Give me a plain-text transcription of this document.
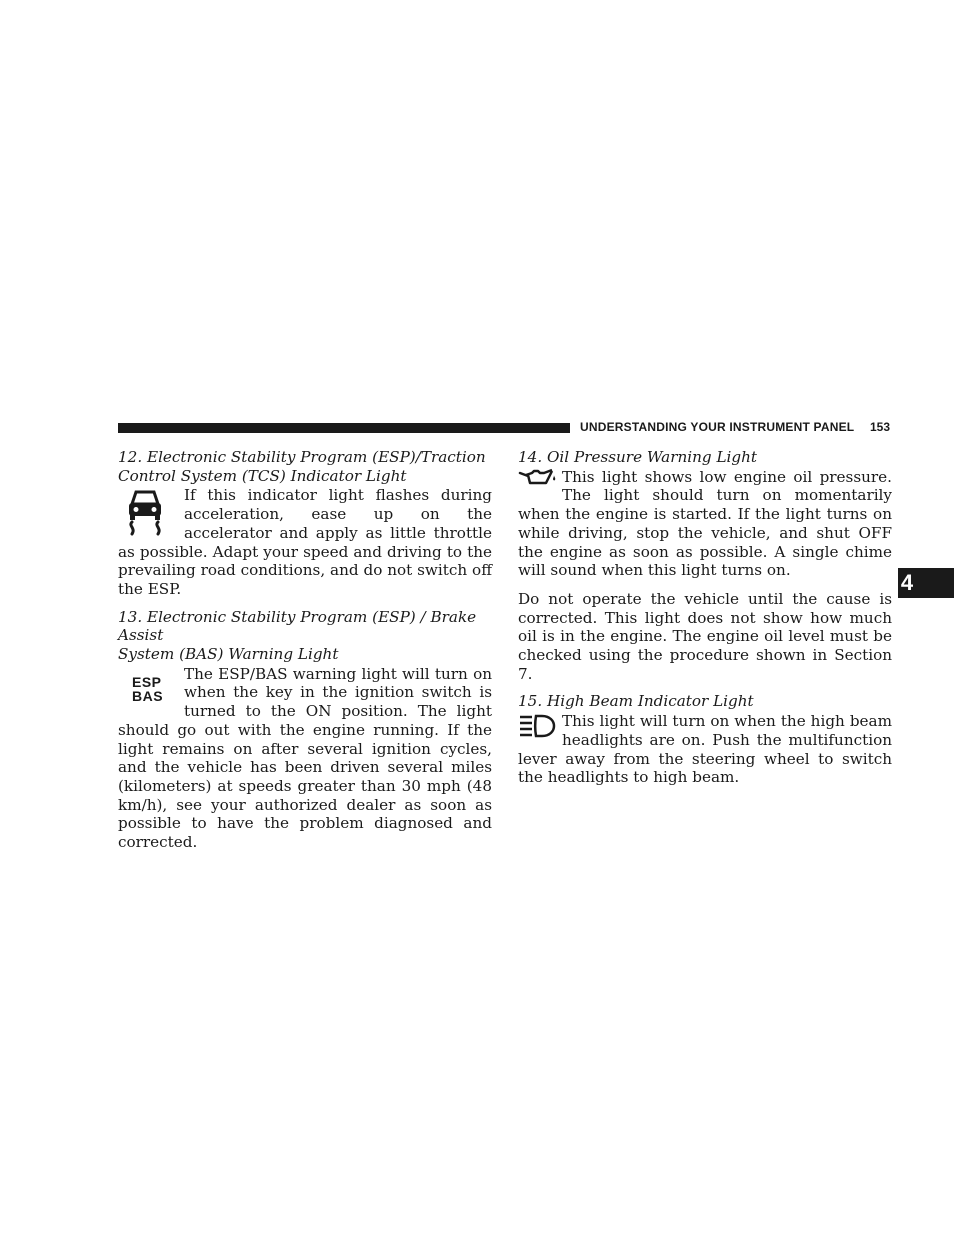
UNDERSTANDING YOUR INSTRUMENT PANEL 153
4
12. Electronic Stability Program (ESP)/Traction
Control System (TCS) Indicator Light

If this indicator light flashes during acceleration, ease up on the accelerator and apply as little throttle as possible. Adapt your speed and driving to the prevailing road conditions, and do not switch off the ESP.

13. Electronic Stability Program (ESP) / Brake Assist
System (BAS) Warning Light

ESP
BAS
The ESP/BAS warning light will turn on when the key in the ignition switch is turned to the ON position. The light should go out with the engine running. If the light remains on after several ignition cycles, and the vehicle has been driven several miles (kilometers) at speeds greater than 30 mph (48 km/h), see your authorized dealer as soon as possible to have the problem diagnosed and corrected.

14. Oil Pressure Warning Light

This light shows low engine oil pressure. The light should turn on momentarily when the engine is started. If the light turns on while driving, stop the vehicle, and shut OFF the engine as soon as possible. A single chime will sound when this light turns on.

Do not operate the vehicle until the cause is corrected. This light does not show how much oil is in the engine. The engine oil level must be checked using the procedure shown in Section 7.

15. High Beam Indicator Light

This light will turn on when the high beam headlights are on. Push the multifunction lever away from the steering wheel to switch the headlights to high beam.
